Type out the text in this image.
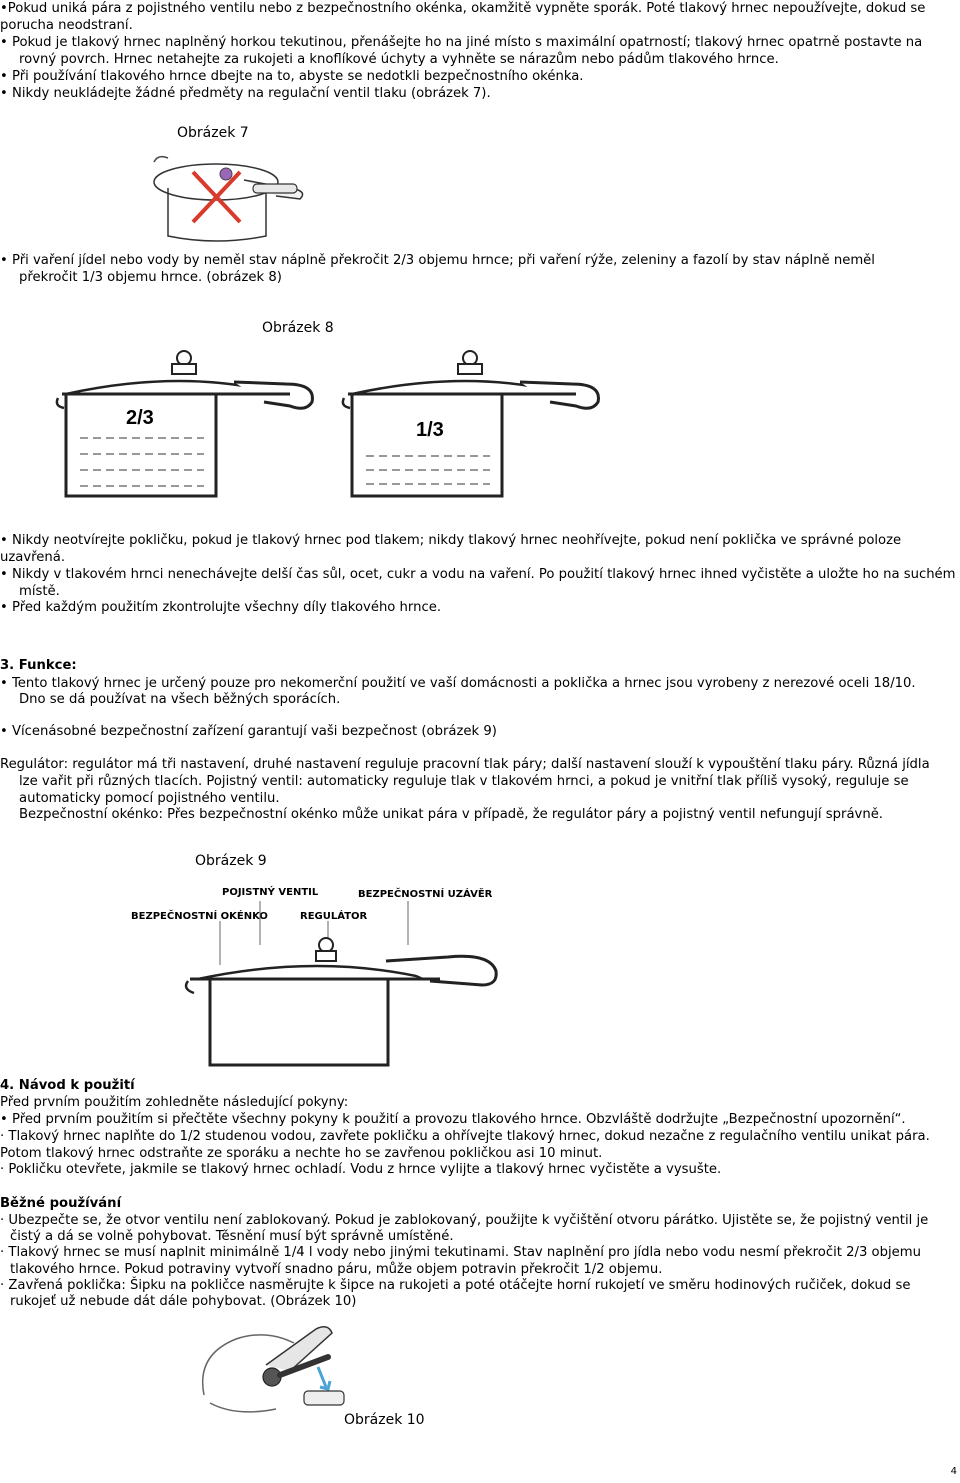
•Pokud uniká pára z pojistného ventilu nebo z bezpečnostního okénka, okamžitě vypněte sporák. Poté tlakový hrnec nepoužívejte, dokud se porucha neodstraní.
• Pokud je tlakový hrnec naplněný horkou tekutinou, přenášejte ho na jiné místo s maximální opatrností; tlakový hrnec opatrně postavte na
rovný povrch. Hrnec netahejte za rukojeti a knoflíkové úchyty a vyhněte se nárazům nebo pádům tlakového hrnce.
• Při používání tlakového hrnce dbejte na to, abyste se nedotkli bezpečnostního okénka.
• Nikdy neukládejte žádné předměty na regulační ventil tlaku (obrázek 7).
Obrázek 7
• Při vaření jídel nebo vody by neměl stav náplně překročit 2/3 objemu hrnce; při vaření rýže, zeleniny a fazolí by stav náplně neměl
překročit 1/3 objemu hrnce. (obrázek 8)
Obrázek 8
2/3
1/3
• Nikdy neotvírejte pokličku, pokud je tlakový hrnec pod tlakem; nikdy tlakový hrnec neohřívejte, pokud není poklička ve správné poloze uzavřená.
• Nikdy v tlakovém hrnci nenechávejte delší čas sůl, ocet, cukr a vodu na vaření. Po použití tlakový hrnec ihned vyčistěte a uložte ho na suchém
místě.
• Před každým použitím zkontrolujte všechny díly tlakového hrnce.
3. Funkce:
• Tento tlakový hrnec je určený pouze pro nekomerční použití ve vaší domácnosti a poklička a hrnec jsou vyrobeny z nerezové oceli 18/10.
Dno se dá používat na všech běžných sporácích.
• Vícenásobné bezpečnostní zařízení garantují vaši bezpečnost (obrázek 9)
Regulátor: regulátor má tři nastavení, druhé nastavení reguluje pracovní tlak páry; další nastavení slouží k vypouštění tlaku páry. Různá jídla
lze vařit při různých tlacích. Pojistný ventil: automaticky reguluje tlak v tlakovém hrnci, a pokud je vnitřní tlak příliš vysoký, reguluje se
automaticky pomocí pojistného ventilu.
Bezpečnostní okénko: Přes bezpečnostní okénko může unikat pára v případě, že regulátor páry a pojistný ventil nefungují správně.
Obrázek 9
POJISTNÝ VENTIL	BEZPEČNOSTNÍ UZÁVĚR
BEZPEČNOSTNÍ OKÉNKO	REGULÁTOR
4. Návod k použití
Před prvním použitím zohledněte následující pokyny:
• Před prvním použitím si přečtěte všechny pokyny k použití a provozu tlakového hrnce. Obzvláště dodržujte „Bezpečnostní upozornění“.
· Tlakový hrnec naplňte do 1/2 studenou vodou, zavřete pokličku a ohřívejte tlakový hrnec, dokud nezačne z regulačního ventilu unikat pára.
Potom tlakový hrnec odstraňte ze sporáku a nechte ho se zavřenou pokličkou asi 10 minut.
· Pokličku otevřete, jakmile se tlakový hrnec ochladí. Vodu z hrnce vylijte a tlakový hrnec vyčistěte a vysušte.
Běžné používání
· Ubezpečte se, že otvor ventilu není zablokovaný. Pokud je zablokovaný, použijte k vyčištění otvoru párátko. Ujistěte se, že pojistný ventil je
čistý a dá se volně pohybovat. Těsnění musí být správně umístěné.
· Tlakový hrnec se musí naplnit minimálně 1/4 l vody nebo jinými tekutinami. Stav naplnění pro jídla nebo vodu nesmí překročit 2/3 objemu
tlakového hrnce. Pokud potraviny vytvoří snadno páru, může objem potravin překročit 1/2 objemu.
· Zavřená poklička: Šipku na pokličce nasměrujte k šipce na rukojeti a poté otáčejte horní rukojetí ve směru hodinových ručiček, dokud se
rukojeť už nebude dát dále pohybovat. (Obrázek 10)
Obrázek 10
4
